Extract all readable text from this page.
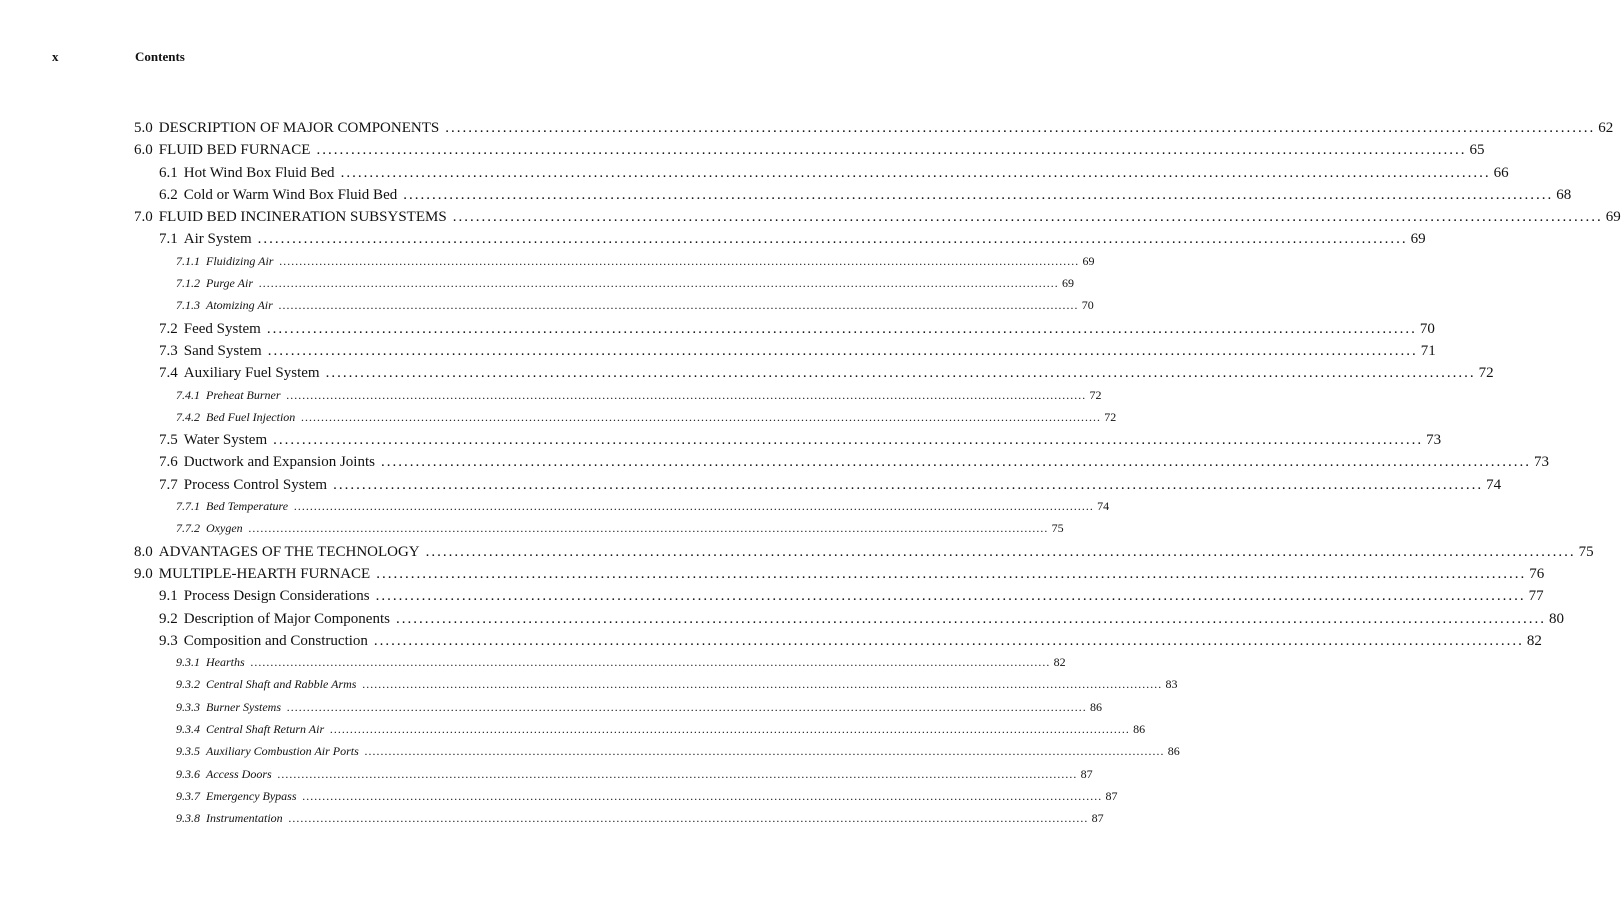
x	Contents
5.0 DESCRIPTION OF MAJOR COMPONENTS ........................................................................................................................................................................................................ 62
6.0 FLUID BED FURNACE ........................................................................................................................................................................................................ 65
6.1 Hot Wind Box Fluid Bed ........................................................................................................................................................................................................ 66
6.2 Cold or Warm Wind Box Fluid Bed ........................................................................................................................................................................................................ 68
7.0 FLUID BED INCINERATION SUBSYSTEMS ........................................................................................................................................................................................................ 69
7.1 Air System ........................................................................................................................................................................................................ 69
7.1.1 Fluidizing Air ........................................................................................................................................................................................................ 69
7.1.2 Purge Air ........................................................................................................................................................................................................ 69
7.1.3 Atomizing Air ........................................................................................................................................................................................................ 70
7.2 Feed System ........................................................................................................................................................................................................ 70
7.3 Sand System ........................................................................................................................................................................................................ 71
7.4 Auxiliary Fuel System ........................................................................................................................................................................................................ 72
7.4.1 Preheat Burner ........................................................................................................................................................................................................ 72
7.4.2 Bed Fuel Injection ........................................................................................................................................................................................................ 72
7.5 Water System ........................................................................................................................................................................................................ 73
7.6 Ductwork and Expansion Joints ........................................................................................................................................................................................................ 73
7.7 Process Control System ........................................................................................................................................................................................................ 74
7.7.1 Bed Temperature ........................................................................................................................................................................................................ 74
7.7.2 Oxygen ........................................................................................................................................................................................................ 75
8.0 ADVANTAGES OF THE TECHNOLOGY ........................................................................................................................................................................................................ 75
9.0 MULTIPLE-HEARTH FURNACE ........................................................................................................................................................................................................ 76
9.1 Process Design Considerations ........................................................................................................................................................................................................ 77
9.2 Description of Major Components ........................................................................................................................................................................................................ 80
9.3 Composition and Construction ........................................................................................................................................................................................................ 82
9.3.1 Hearths ........................................................................................................................................................................................................ 82
9.3.2 Central Shaft and Rabble Arms ........................................................................................................................................................................................................ 83
9.3.3 Burner Systems ........................................................................................................................................................................................................ 86
9.3.4 Central Shaft Return Air ........................................................................................................................................................................................................ 86
9.3.5 Auxiliary Combustion Air Ports ........................................................................................................................................................................................................ 86
9.3.6 Access Doors ........................................................................................................................................................................................................ 87
9.3.7 Emergency Bypass ........................................................................................................................................................................................................ 87
9.3.8 Instrumentation ........................................................................................................................................................................................................ 87
